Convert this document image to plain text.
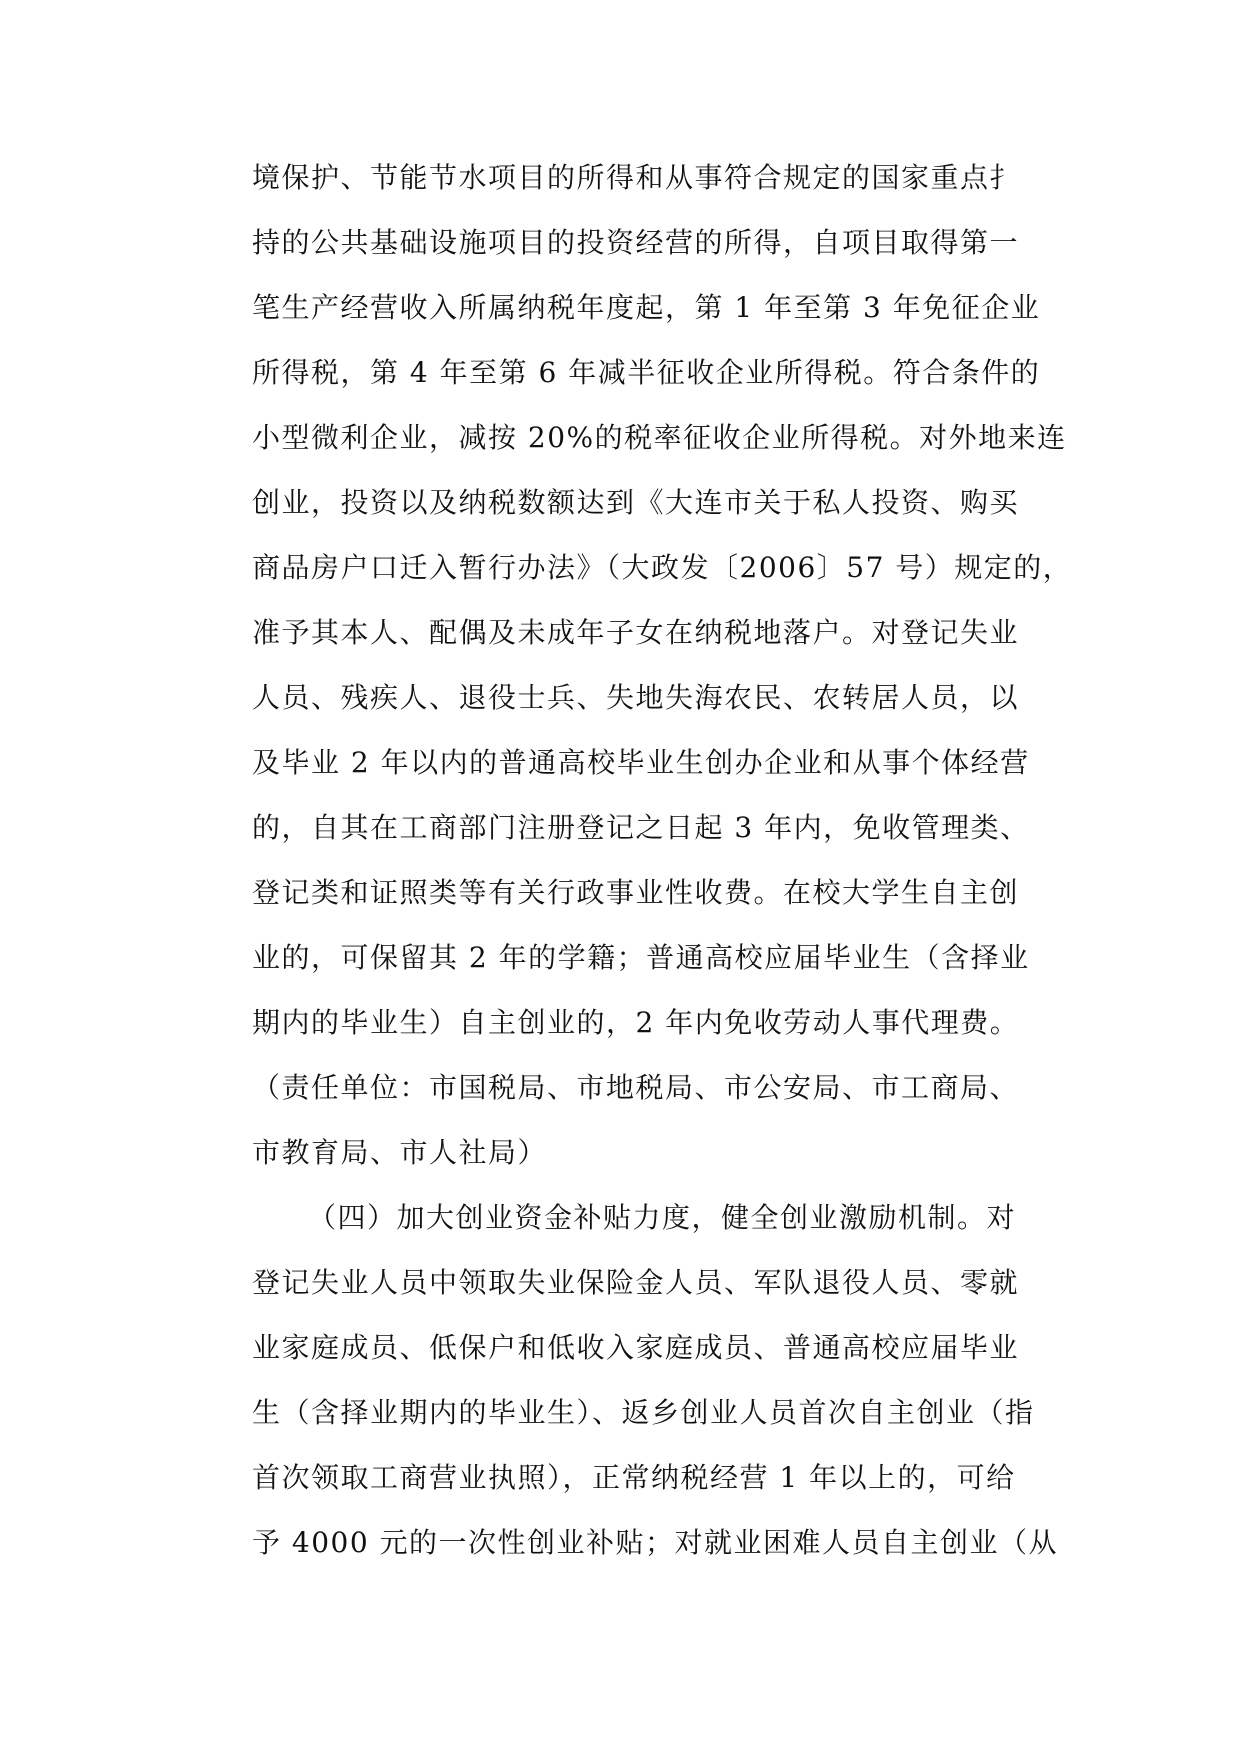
境保护、节能节水项目的所得和从事符合规定的国家重点扌
持的公共基础设施项目的投资经营的所得，自项目取得第一
笔生产经营收入所属纳税年度起，第 1 年至第 3 年免征企业
所得税，第 4 年至第 6 年减半征收企业所得税。符合条件的
小型微利企业，减按 20%的税率征收企业所得税。对外地来连
创业，投资以及纳税数额达到《大连市关于私人投资、购买
商品房户口迁入暂行办法》（大政发〔2006〕57 号）规定的，
准予其本人、配偶及未成年子女在纳税地落户。对登记失业
人员、残疾人、退役士兵、失地失海农民、农转居人员，以
及毕业 2 年以内的普通高校毕业生创办企业和从事个体经营
的，自其在工商部门注册登记之日起 3 年内，免收管理类、
登记类和证照类等有关行政事业性收费。在校大学生自主创
业的，可保留其 2 年的学籍；普通高校应届毕业生（含择业
期内的毕业生）自主创业的，2 年内免收劳动人事代理费。
（责任单位：市国税局、市地税局、市公安局、市工商局、
市教育局、市人社局）
（四）加大创业资金补贴力度，健全创业激励机制。对
登记失业人员中领取失业保险金人员、军队退役人员、零就
业家庭成员、低保户和低收入家庭成员、普通高校应届毕业
生（含择业期内的毕业生）、返乡创业人员首次自主创业（指
首次领取工商营业执照），正常纳税经营 1 年以上的，可给
予 4000 元的一次性创业补贴；对就业困难人员自主创业（从
